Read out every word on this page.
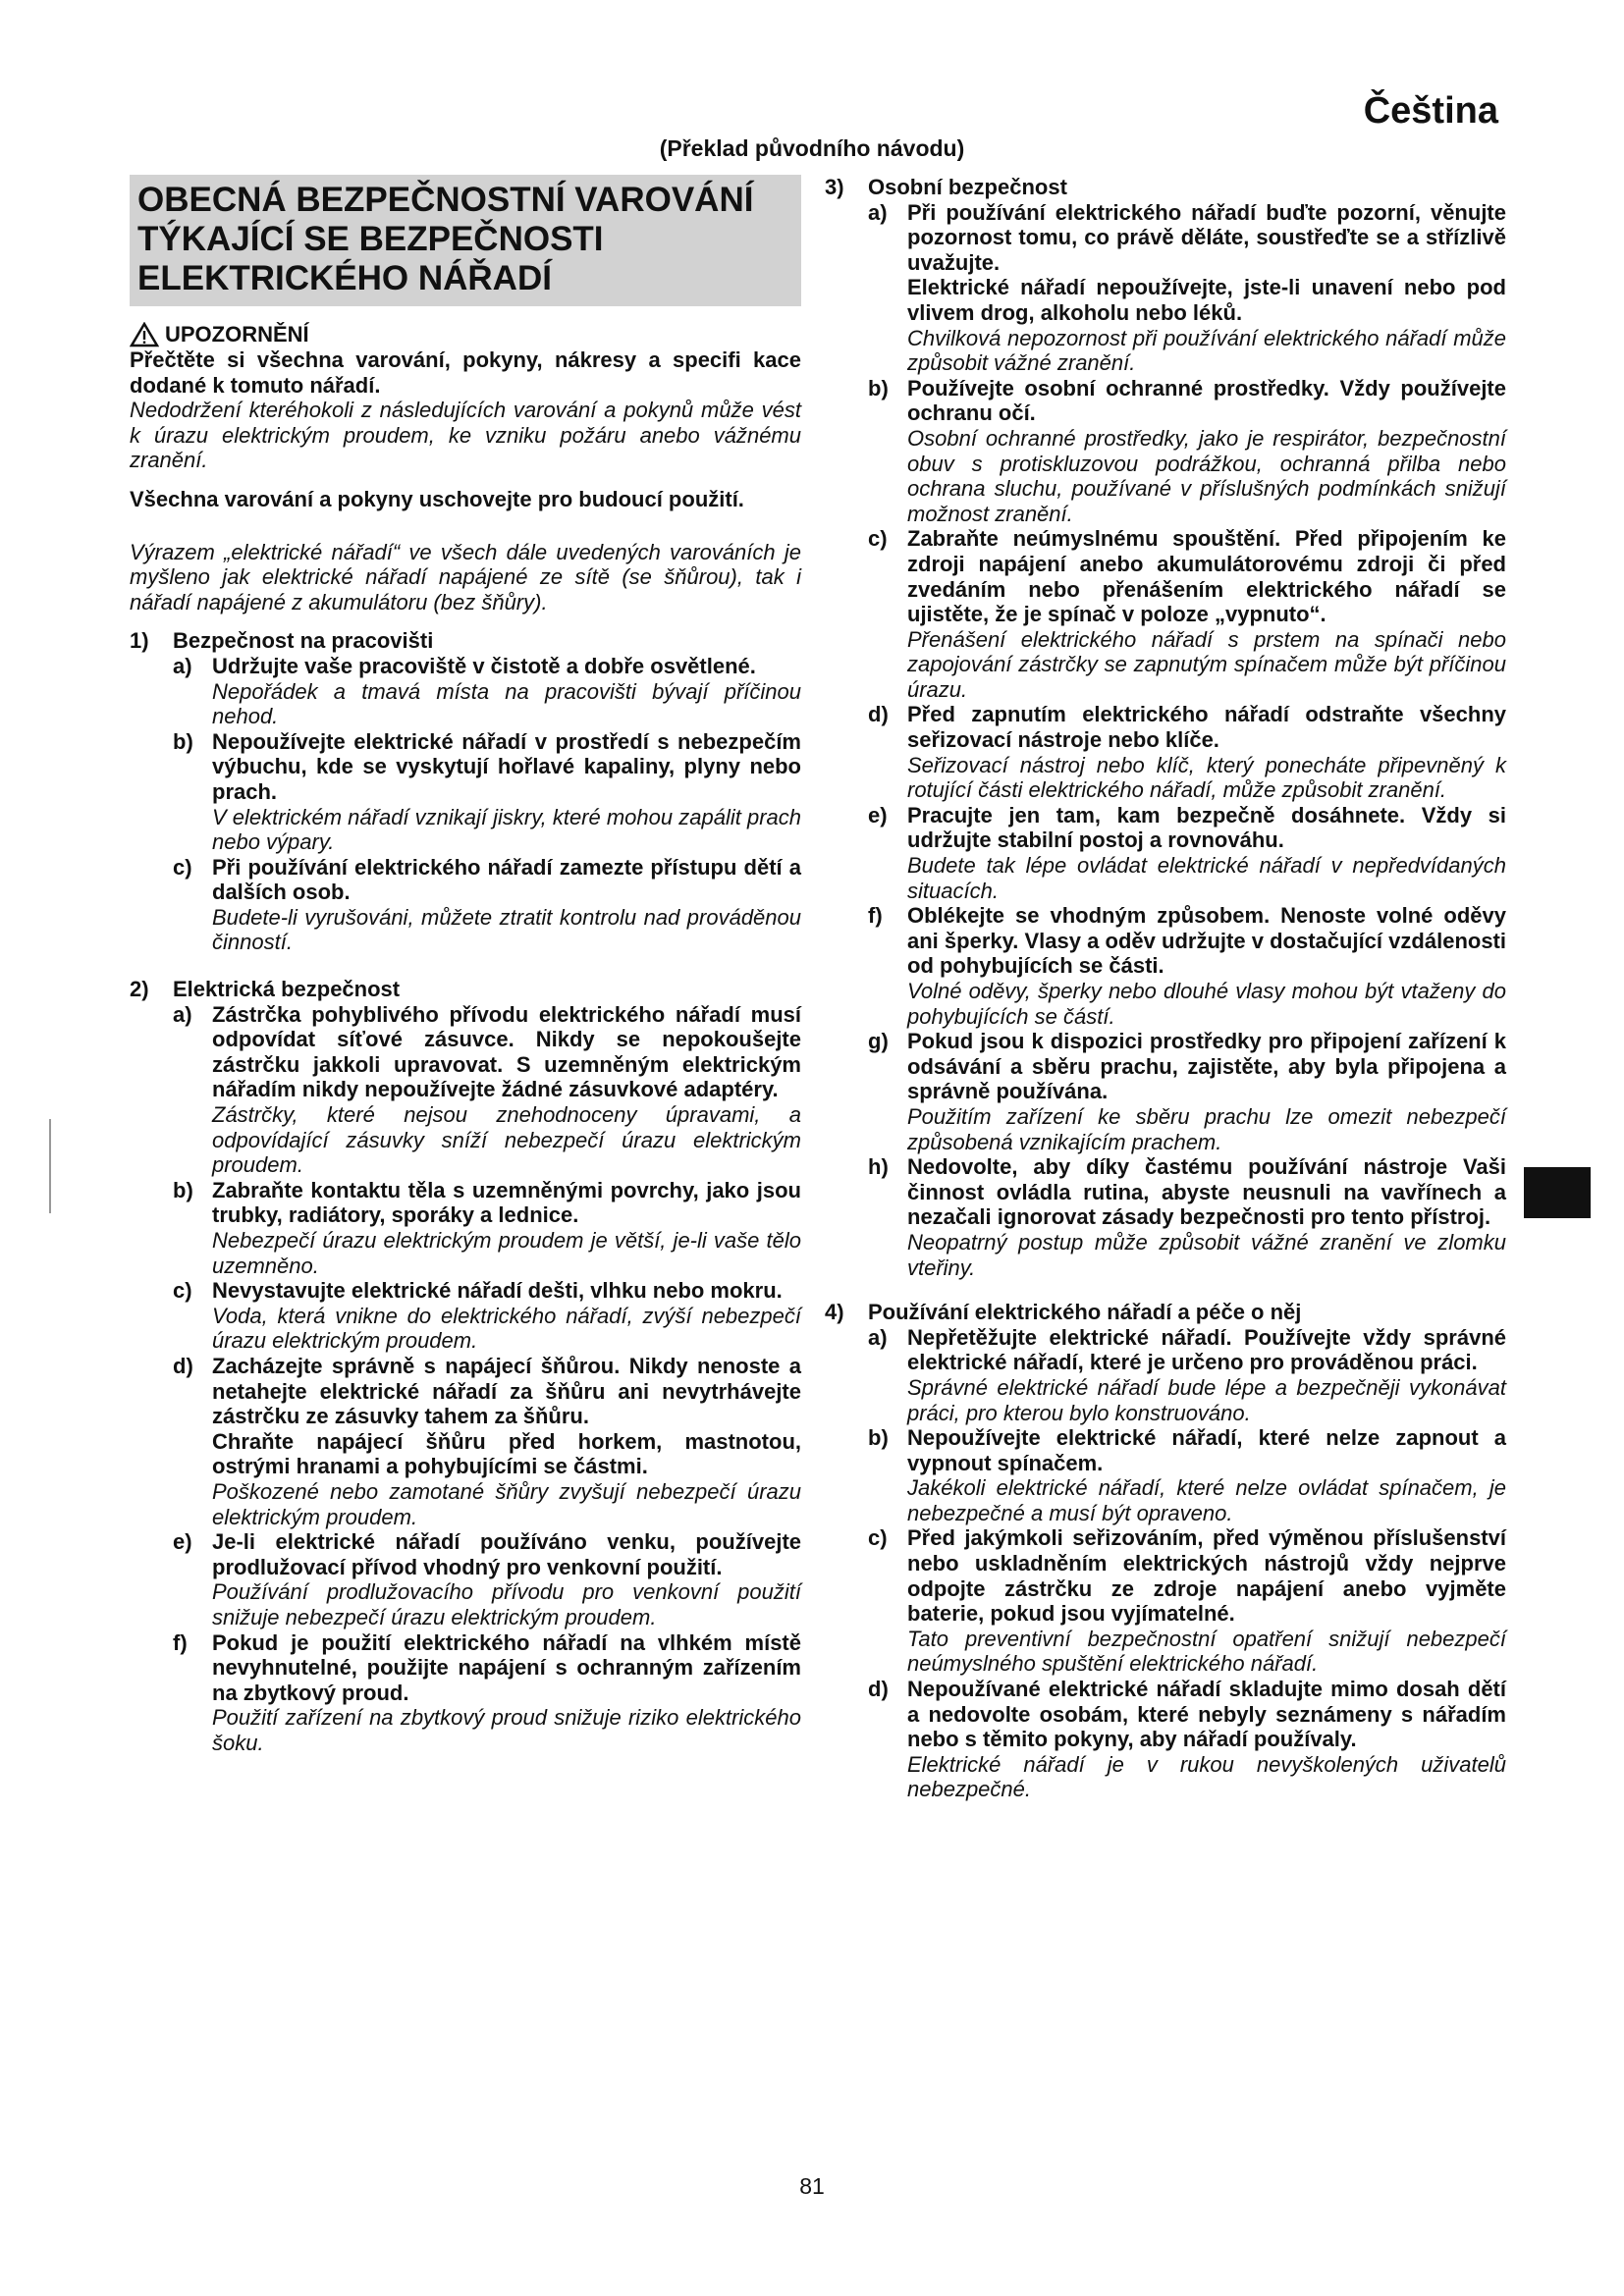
Čeština
(Překlad původního návodu)
OBECNÁ BEZPEČNOSTNÍ VAROVÁNÍ
TÝKAJÍCÍ SE BEZPEČNOSTI
ELEKTRICKÉHO NÁŘADÍ
UPOZORNĚNÍ

Přečtěte si všechna varování, pokyny, nákresy a specifi kace dodané k tomuto nářadí.

Nedodržení kteréhokoli z následujících varování a pokynů může vést k úrazu elektrickým proudem, ke vzniku požáru anebo vážnému zranění.

Všechna varování a pokyny uschovejte pro budoucí použití.

Výrazem „elektrické nářadí“ ve všech dále uvedených varováních je myšleno jak elektrické nářadí napájené ze sítě (se šňůrou), tak i nářadí napájené z akumulátoru (bez šňůry).

1)	Bezpečnost na pracovišti
a) Udržujte vaše pracoviště v čistotě a dobře osvětlené.

Nepořádek a tmavá místa na pracovišti bývají příčinou nehod.

b) Nepoužívejte elektrické nářadí v prostředí s nebezpečím výbuchu, kde se vyskytují hořlavé kapaliny, plyny nebo prach.

V elektrickém nářadí vznikají jiskry, které mohou zapálit prach nebo výpary.

c) Při používání elektrického nářadí zamezte přístupu dětí a dalších osob.

Budete-li vyrušováni, můžete ztratit kontrolu nad prováděnou činností.

2)	Elektrická bezpečnost
a) Zástrčka pohyblivého přívodu elektrického nářadí musí odpovídat síťové zásuvce. Nikdy se nepokoušejte zástrčku jakkoli upravovat. S uzemněným elektrickým nářadím nikdy nepoužívejte žádné zásuvkové adaptéry.

Zástrčky, které nejsou znehodnoceny úpravami, a odpovídající zásuvky sníží nebezpečí úrazu elektrickým proudem.

b) Zabraňte kontaktu těla s uzemněnými povrchy, jako jsou trubky, radiátory, sporáky a lednice.

Nebezpečí úrazu elektrickým proudem je větší, je-li vaše tělo uzemněno.

c) Nevystavujte elektrické nářadí dešti, vlhku nebo mokru.

Voda, která vnikne do elektrického nářadí, zvýší nebezpečí úrazu elektrickým proudem.

d) Zacházejte správně s napájecí šňůrou. Nikdy nenoste a netahejte elektrické nářadí za šňůru ani nevytrhávejte zástrčku ze zásuvky tahem za šňůru.

Chraňte napájecí šňůru před horkem, mastnotou, ostrými hranami a pohybujícími se částmi.

Poškozené nebo zamotané šňůry zvyšují nebezpečí úrazu elektrickým proudem.

e) Je-li elektrické nářadí používáno venku, používejte prodlužovací přívod vhodný pro venkovní použití.

Používání prodlužovacího přívodu pro venkovní použití snižuje nebezpečí úrazu elektrickým proudem.

f)	Pokud je použití elektrického nářadí na vlhkém místě nevyhnutelné, použijte napájení s ochranným zařízením na zbytkový proud.

Použití zařízení na zbytkový proud snižuje riziko elektrického šoku.

3)	Osobní bezpečnost
a) Při používání elektrického nářadí buďte pozorní, věnujte pozornost tomu, co právě děláte, soustřeďte se a střízlivě uvažujte.

Elektrické nářadí nepoužívejte, jste-li unavení nebo pod vlivem drog, alkoholu nebo léků.

Chvilková nepozornost při používání elektrického nářadí může způsobit vážné zranění.

b) Používejte osobní ochranné prostředky. Vždy používejte ochranu očí.

Osobní ochranné prostředky, jako je respirátor, bezpečnostní obuv s protiskluzovou podrážkou, ochranná přilba nebo ochrana sluchu, používané v příslušných podmínkách snižují možnost zranění.

c) Zabraňte neúmyslnému spouštění. Před připojením ke zdroji napájení anebo akumulátorovému zdroji či před zvedáním nebo přenášením elektrického nářadí se ujistěte, že je spínač v poloze „vypnuto“.

Přenášení elektrického nářadí s prstem na spínači nebo zapojování zástrčky se zapnutým spínačem může být příčinou úrazu.

d) Před zapnutím elektrického nářadí odstraňte všechny seřizovací nástroje nebo klíče.

Seřizovací nástroj nebo klíč, který ponecháte připevněný k rotující části elektrického nářadí, může způsobit zranění.

e) Pracujte jen tam, kam bezpečně dosáhnete. Vždy si udržujte stabilní postoj a rovnováhu.

Budete tak lépe ovládat elektrické nářadí v nepředvídaných situacích.

f)	Oblékejte se vhodným způsobem. Nenoste volné oděvy ani šperky. Vlasy a oděv udržujte v dostačující vzdálenosti od pohybujících se části.

Volné oděvy, šperky nebo dlouhé vlasy mohou být vtaženy do pohybujících se částí.

g) Pokud jsou k dispozici prostředky pro připojení zařízení k odsávání a sběru prachu, zajistěte, aby byla připojena a správně používána.

Použitím zařízení ke sběru prachu lze omezit nebezpečí způsobená vznikajícím prachem.

h) Nedovolte, aby díky častému používání nástroje Vaši činnost ovládla rutina, abyste neusnuli na vavřínech a nezačali ignorovat zásady bezpečnosti pro tento přístroj.

Neopatrný postup může způsobit vážné zranění ve zlomku vteřiny.

4)	Používání elektrického nářadí a péče o něj
a) Nepřetěžujte elektrické nářadí. Používejte vždy správné elektrické nářadí, které je určeno pro prováděnou práci.

Správné elektrické nářadí bude lépe a bezpečněji vykonávat práci, pro kterou bylo konstruováno.

b) Nepoužívejte elektrické nářadí, které nelze zapnout a vypnout spínačem.

Jakékoli elektrické nářadí, které nelze ovládat spínačem, je nebezpečné a musí být opraveno.

c) Před jakýmkoli seřizováním, před výměnou příslušenství nebo uskladněním elektrických nástrojů vždy nejprve odpojte zástrčku ze zdroje napájení anebo vyjměte baterie, pokud jsou vyjímatelné.

Tato preventivní bezpečnostní opatření snižují nebezpečí neúmyslného spuštění elektrického nářadí.

d) Nepoužívané elektrické nářadí skladujte mimo dosah dětí a nedovolte osobám, které nebyly seznámeny s nářadím nebo s těmito pokyny, aby nářadí používaly.

Elektrické nářadí je v rukou nevyškolených uživatelů nebezpečné.

81
